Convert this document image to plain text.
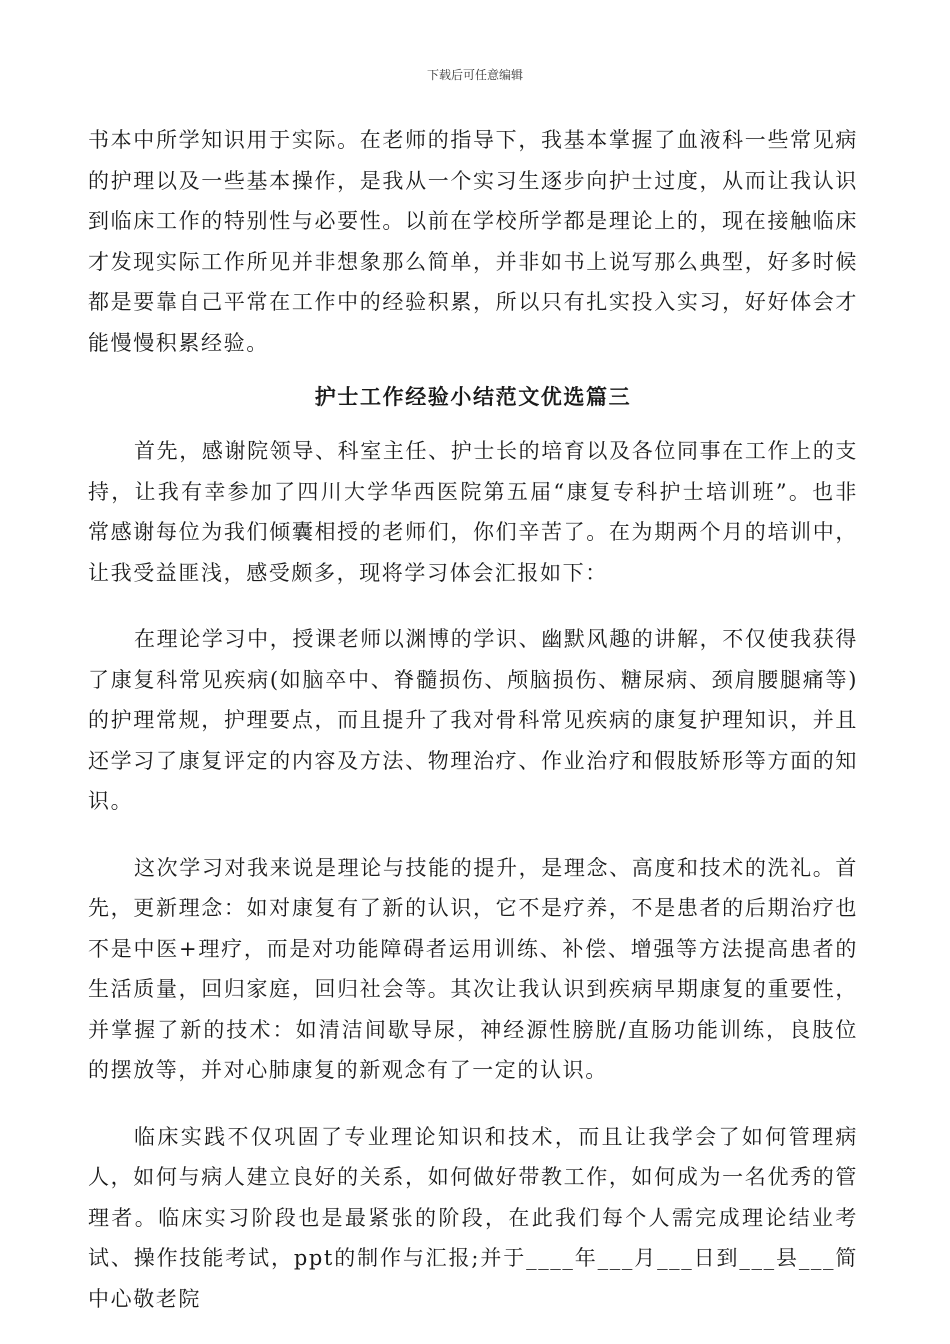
下载后可任意编辑

书本中所学知识用于实际。在老师的指导下，我基本掌握了血液科一些常见病的护理以及一些基本操作，是我从一个实习生逐步向护士过度，从而让我认识到临床工作的特别性与必要性。以前在学校所学都是理论上的，现在接触临床才发现实际工作所见并非想象那么简单，并非如书上说写那么典型，好多时候都是要靠自己平常在工作中的经验积累，所以只有扎实投入实习，好好体会才能慢慢积累经验。

护士工作经验小结范文优选篇三

首先，感谢院领导、科室主任、护士长的培育以及各位同事在工作上的支持，让我有幸参加了四川大学华西医院第五届“康复专科护士培训班”。也非常感谢每位为我们倾囊相授的老师们，你们辛苦了。在为期两个月的培训中，让我受益匪浅，感受颇多，现将学习体会汇报如下：

在理论学习中，授课老师以渊博的学识、幽默风趣的讲解，不仅使我获得了康复科常见疾病(如脑卒中、脊髓损伤、颅脑损伤、糖尿病、颈肩腰腿痛等)的护理常规，护理要点，而且提升了我对骨科常见疾病的康复护理知识，并且还学习了康复评定的内容及方法、物理治疗、作业治疗和假肢矫形等方面的知识。

这次学习对我来说是理论与技能的提升，是理念、高度和技术的洗礼。首先，更新理念：如对康复有了新的认识，它不是疗养，不是患者的后期治疗也不是中医+理疗，而是对功能障碍者运用训练、补偿、增强等方法提高患者的生活质量，回归家庭，回归社会等。其次让我认识到疾病早期康复的重要性，并掌握了新的技术：如清洁间歇导尿，神经源性膀胱/直肠功能训练，良肢位的摆放等，并对心肺康复的新观念有了一定的认识。

临床实践不仅巩固了专业理论知识和技术，而且让我学会了如何管理病人，如何与病人建立良好的关系，如何做好带教工作，如何成为一名优秀的管理者。临床实习阶段也是最紧张的阶段，在此我们每个人需完成理论结业考试、操作技能考试，ppt的制作与汇报;并于____年___月___日到___县___简中心敬老院
